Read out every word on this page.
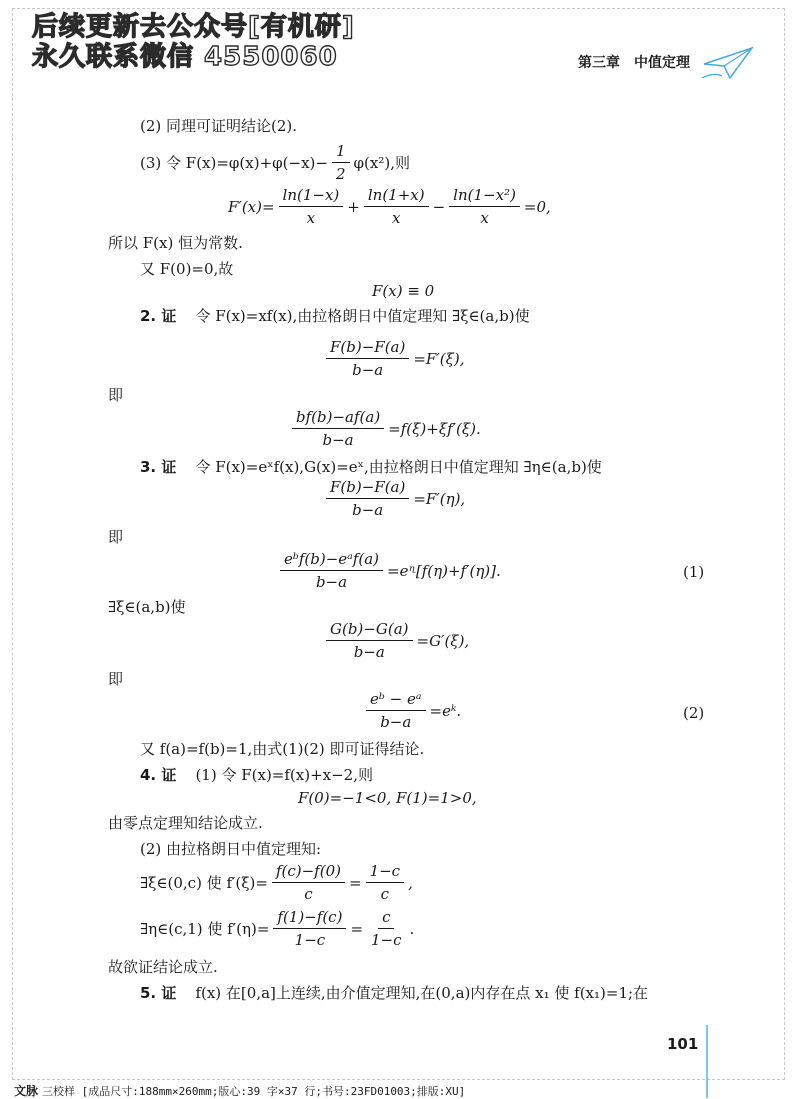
后续更新去公众号[有机研]
永久联系微信 4550060	第三章　中值定理
(2) 同理可证明结论(2).
(3) 令 $F(x)=\varphi(x)+\varphi(-x)- \frac{1}{2} \varphi(x^2)$,则
$F'(x)= \frac{\ln(1-x)}{x} + \frac{\ln(1+x)}{x} - \frac{\text{ln(1−x²)}}{x} =0$,
所以 F(x) 恒为常数.
又 F(0)=0,故
F(x) ≡ 0
2. 证 令 F(x)=xf(x),由拉格朗日中值定理知 ∃ξ∈(a,b)使
$\frac{F(b)-F(a)}{b-a} =F'(\xi)$,
即
$\frac{bf(b)-af(a)}{b-a} =f(\xi)+\xi f'(\xi)$.
3. 证 令 F(x)=eˣf(x),G(x)=eˣ,由拉格朗日中值定理知 ∃η∈(a,b)使
$\frac{F(b)-F(a)}{b-a} =F'(\eta)$,
即
$\frac{\text{eᵇf(b)−eᵃf(a)}}{b-a}$ =eᶯ[f(η)+f′(η)].	(1)
∃ξ∈(a,b)使
$\frac{G(b)-G(a)}{b-a} =G'(\xi)$,
即
$\frac{\text{eᵇ − eᵃ}}{b-a}$ =eᵏ.	(2)
又 f(a)=f(b)=1,由式(1)(2) 即可证得结论.
4. 证 (1) 令 F(x)=f(x)+x−2,则
F(0)=−1<0, F(1)=1>0,
由零点定理知结论成立.
(2) 由拉格朗日中值定理知:
∃ξ∈(0,c) 使 $f'(\xi)= \frac{f(c)-f(0)}{c} = \frac{1-c}{c}$ ,
∃η∈(c,1) 使 $f'(\eta)= \frac{f(1)-f(c)}{1-c} = \frac{c}{1-c}$ .
故欲证结论成立.
5. 证 f(x) 在[0,a]上连续,由介值定理知,在(0,a)内存在点 x₁ 使 f(x₁)=1;在
101
文脉 三校样 [成品尺寸:188mm×260mm;版心:39 字×37 行;书号:23FD01003;排版:XU]
